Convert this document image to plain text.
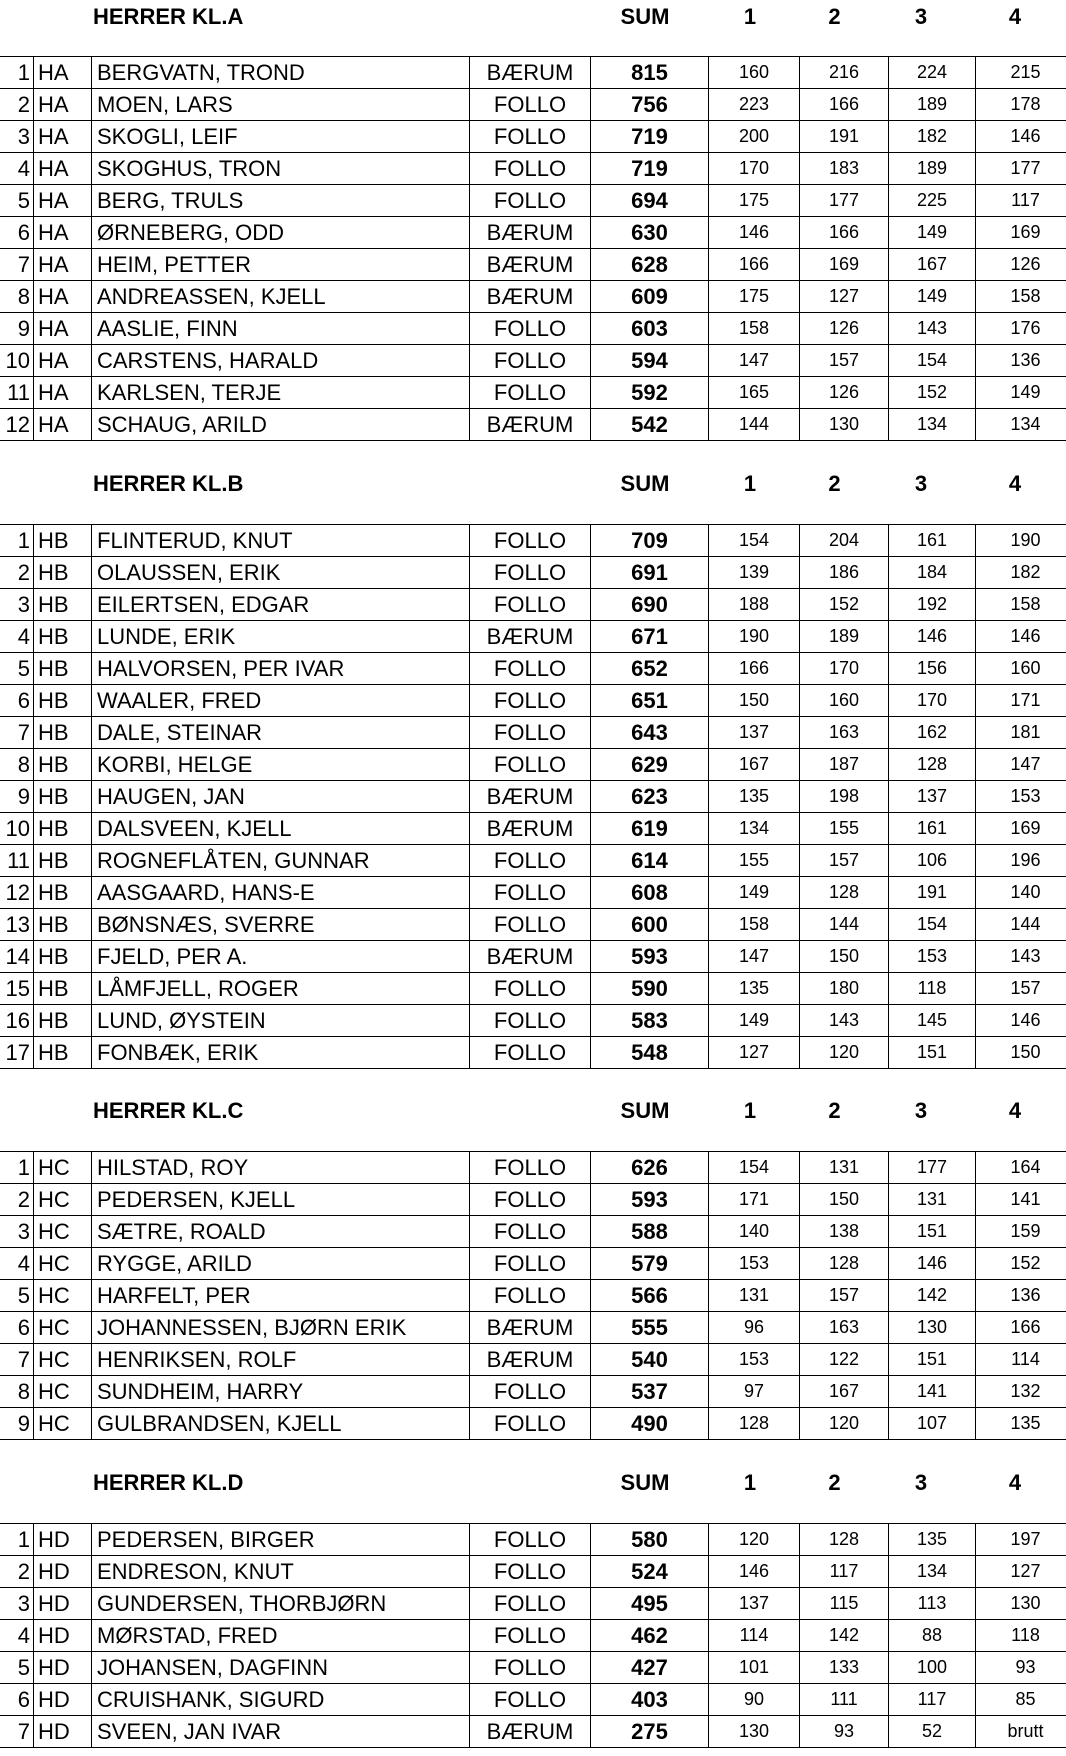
HERRER KL.A	SUM	1	2	3	4
1	HA	BERGVATN, TROND	BÆRUM	815	160	216	224	215
2	HA	MOEN, LARS	FOLLO	756	223	166	189	178
3	HA	SKOGLI, LEIF	FOLLO	719	200	191	182	146
4	HA	SKOGHUS, TRON	FOLLO	719	170	183	189	177
5	HA	BERG, TRULS	FOLLO	694	175	177	225	117
6	HA	ØRNEBERG, ODD	BÆRUM	630	146	166	149	169
7	HA	HEIM, PETTER	BÆRUM	628	166	169	167	126
8	HA	ANDREASSEN, KJELL	BÆRUM	609	175	127	149	158
9	HA	AASLIE, FINN	FOLLO	603	158	126	143	176
10	HA	CARSTENS, HARALD	FOLLO	594	147	157	154	136
11	HA	KARLSEN, TERJE	FOLLO	592	165	126	152	149
12	HA	SCHAUG, ARILD	BÆRUM	542	144	130	134	134
HERRER KL.B	SUM	1	2	3	4
1	HB	FLINTERUD, KNUT	FOLLO	709	154	204	161	190
2	HB	OLAUSSEN, ERIK	FOLLO	691	139	186	184	182
3	HB	EILERTSEN, EDGAR	FOLLO	690	188	152	192	158
4	HB	LUNDE, ERIK	BÆRUM	671	190	189	146	146
5	HB	HALVORSEN, PER IVAR	FOLLO	652	166	170	156	160
6	HB	WAALER, FRED	FOLLO	651	150	160	170	171
7	HB	DALE, STEINAR	FOLLO	643	137	163	162	181
8	HB	KORBI, HELGE	FOLLO	629	167	187	128	147
9	HB	HAUGEN, JAN	BÆRUM	623	135	198	137	153
10	HB	DALSVEEN, KJELL	BÆRUM	619	134	155	161	169
11	HB	ROGNEFLÅTEN, GUNNAR	FOLLO	614	155	157	106	196
12	HB	AASGAARD, HANS-E	FOLLO	608	149	128	191	140
13	HB	BØNSNÆS, SVERRE	FOLLO	600	158	144	154	144
14	HB	FJELD, PER A.	BÆRUM	593	147	150	153	143
15	HB	LÅMFJELL, ROGER	FOLLO	590	135	180	118	157
16	HB	LUND, ØYSTEIN	FOLLO	583	149	143	145	146
17	HB	FONBÆK, ERIK	FOLLO	548	127	120	151	150
HERRER KL.C	SUM	1	2	3	4
1	HC	HILSTAD, ROY	FOLLO	626	154	131	177	164
2	HC	PEDERSEN, KJELL	FOLLO	593	171	150	131	141
3	HC	SÆTRE, ROALD	FOLLO	588	140	138	151	159
4	HC	RYGGE, ARILD	FOLLO	579	153	128	146	152
5	HC	HARFELT, PER	FOLLO	566	131	157	142	136
6	HC	JOHANNESSEN, BJØRN ERIK	BÆRUM	555	96	163	130	166
7	HC	HENRIKSEN, ROLF	BÆRUM	540	153	122	151	114
8	HC	SUNDHEIM, HARRY	FOLLO	537	97	167	141	132
9	HC	GULBRANDSEN, KJELL	FOLLO	490	128	120	107	135
HERRER KL.D	SUM	1	2	3	4
1	HD	PEDERSEN, BIRGER	FOLLO	580	120	128	135	197
2	HD	ENDRESON, KNUT	FOLLO	524	146	117	134	127
3	HD	GUNDERSEN, THORBJØRN	FOLLO	495	137	115	113	130
4	HD	MØRSTAD, FRED	FOLLO	462	114	142	88	118
5	HD	JOHANSEN, DAGFINN	FOLLO	427	101	133	100	93
6	HD	CRUISHANK, SIGURD	FOLLO	403	90	111	117	85
7	HD	SVEEN, JAN IVAR	BÆRUM	275	130	93	52	brutt
